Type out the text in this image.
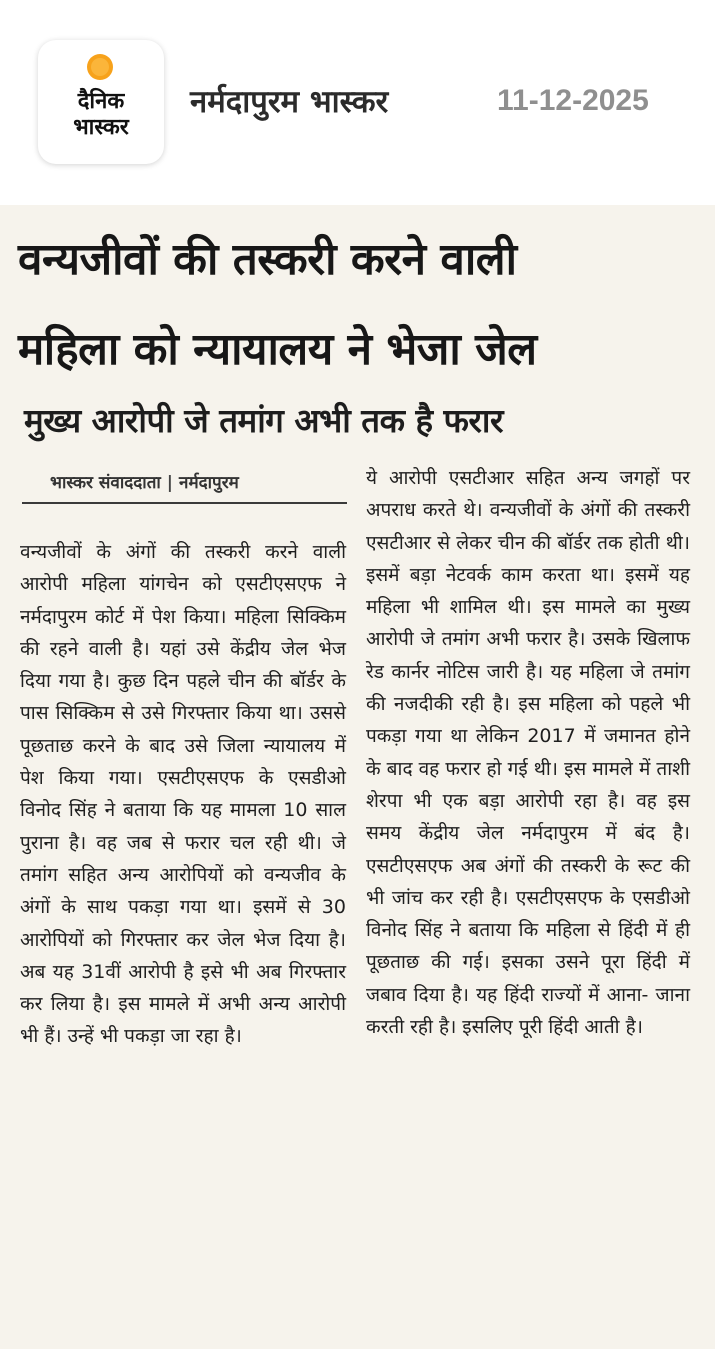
दैनिक
भास्कर
नर्मदापुरम भास्कर	11-12-2025
वन्यजीवों की तस्करी करने वाली
महिला को न्यायालय ने भेजा जेल
मुख्य आरोपी जे तमांग अभी तक है फरार
भास्कर संवाददाता | नर्मदापुरम
वन्यजीवों के अंगों की तस्करी करने वाली आरोपी महिला यांगचेन को एसटीएसएफ ने नर्मदापुरम कोर्ट में पेश किया। महिला सिक्किम की रहने वाली है। यहां उसे केंद्रीय जेल भेज दिया गया है। कुछ दिन पहले चीन की बॉर्डर के पास सिक्किम से उसे गिरफ्तार किया था। उससे पूछताछ करने के बाद उसे जिला न्यायालय में पेश किया गया। एसटीएसएफ के एसडीओ विनोद सिंह ने बताया कि यह मामला 10 साल पुराना है। वह जब से फरार चल रही थी। जे तमांग सहित अन्य आरोपियों को वन्यजीव के अंगों के साथ पकड़ा गया था। इसमें से 30 आरोपियों को गिरफ्तार कर जेल भेज दिया है। अब यह 31वीं आरोपी है इसे भी अब गिरफ्तार कर लिया है। इस मामले में अभी अन्य आरोपी भी हैं। उन्हें भी पकड़ा जा रहा है।
ये आरोपी एसटीआर सहित अन्य जगहों पर अपराध करते थे। वन्यजीवों के अंगों की तस्करी एसटीआर से लेकर चीन की बॉर्डर तक होती थी। इसमें बड़ा नेटवर्क काम करता था। इसमें यह महिला भी शामिल थी। इस मामले का मुख्य आरोपी जे तमांग अभी फरार है। उसके खिलाफ रेड कार्नर नोटिस जारी है। यह महिला जे तमांग की नजदीकी रही है। इस महिला को पहले भी पकड़ा गया था लेकिन 2017 में जमानत होने के बाद वह फरार हो गई थी। इस मामले में ताशी शेरपा भी एक बड़ा आरोपी रहा है। वह इस समय केंद्रीय जेल नर्मदापुरम में बंद है। एसटीएसएफ अब अंगों की तस्करी के रूट की भी जांच कर रही है। एसटीएसएफ के एसडीओ विनोद सिंह ने बताया कि महिला से हिंदी में ही पूछताछ की गई। इसका उसने पूरा हिंदी में जबाव दिया है। यह हिंदी राज्यों में आना- जाना करती रही है। इसलिए पूरी हिंदी आती है।
